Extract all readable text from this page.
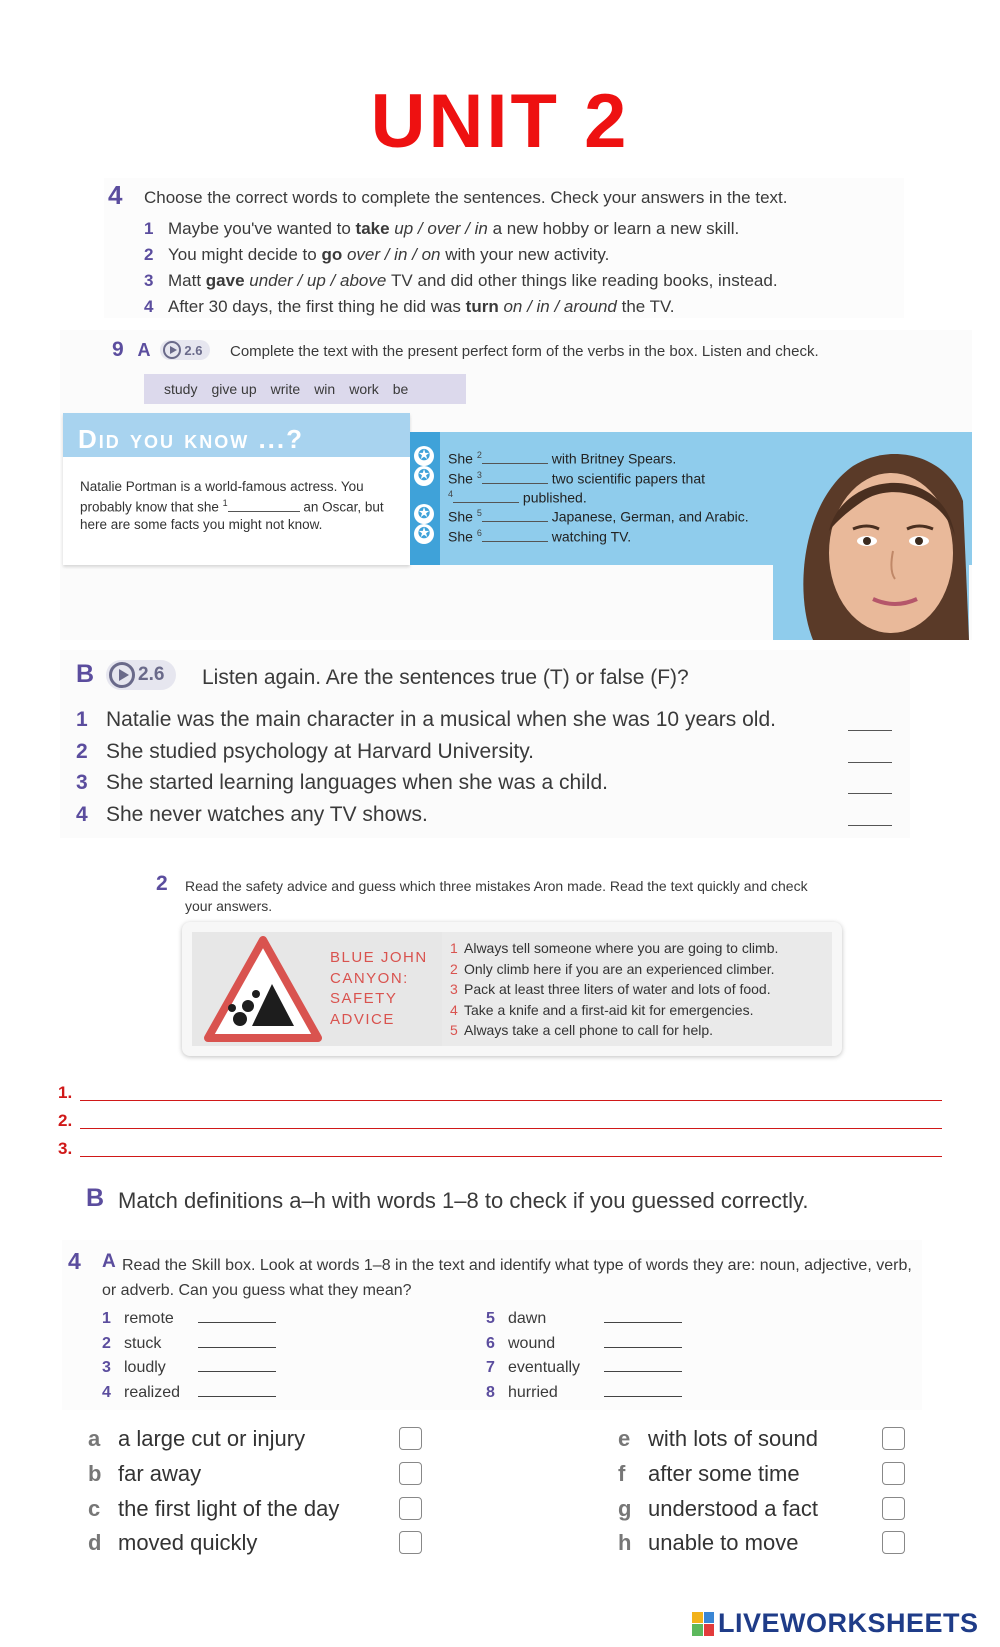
UNIT 2
4 Choose the correct words to complete the sentences. Check your answers in the text.
1 Maybe you've wanted to take up / over / in a new hobby or learn a new skill.
2 You might decide to go over / in / on with your new activity.
3 Matt gave under / up / above TV and did other things like reading books, instead.
4 After 30 days, the first thing he did was turn on / in / around the TV.
9 A	2.6 Complete the text with the present perfect form of the verbs in the box. Listen and check.
study give up write win work be
Did you know ...?
Natalie Portman is a world-famous actress. You probably know that she $^1$	an Oscar, but here are some facts you might not know.
✪
✪
✪
✪
She $^2$	with Britney Spears.
She $^3$	two scientific papers that
$^4$	published.
She $^5$	Japanese, German, and Arabic.
She $^6$	watching TV.
B 2.6 Listen again. Are the sentences true (T) or false (F)?
1 Natalie was the main character in a musical when she was 10 years old.
2 She studied psychology at Harvard University.
3 She started learning languages when she was a child.
4 She never watches any TV shows.
2 Read the safety advice and guess which three mistakes Aron made. Read the text quickly and check your answers.
BLUE JOHN
CANYON:
SAFETY
ADVICE
1 Always tell someone where you are going to climb.
2 Only climb here if you are an experienced climber.
3 Pack at least three liters of water and lots of food.
4 Take a knife and a first-aid kit for emergencies.
5 Always take a cell phone to call for help.
1.
2.
3.
B Match definitions a–h with words 1–8 to check if you guessed correctly.
4 A Read the Skill box. Look at words 1–8 in the text and identify what type of words they are: noun, adjective, verb, or adverb. Can you guess what they mean?
1 remote
2 stuck
3 loudly
4 realized
5 dawn
6 wound
7 eventually
8 hurried
a a large cut or injury
b far away
c the first light of the day
d moved quickly
e with lots of sound
f after some time
g understood a fact
h unable to move
LIVEWORKSHEETS
